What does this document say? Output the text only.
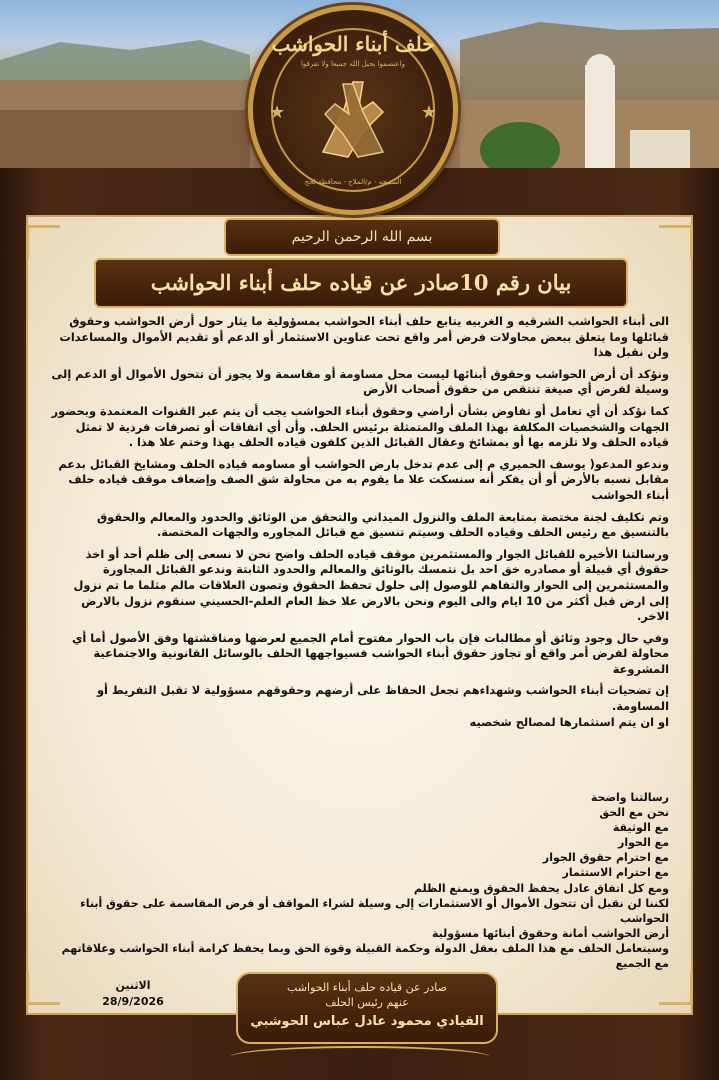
حلف أبناء الحواشب
واعتصموا بحبل الله جميعا ولا تفرقوا
★	★
الصبيحه - م/الملاح - محافظة لحج
بسم الله الرحمن الرحيم
بيان رقم 10صادر عن قياده حلف أبناء الحواشب

الى أبناء الحواشب الشرقيه و الغربيه يتابع حلف أبناء الحواشب بمسؤولية ما يثار حول أرض الحواشب وحقوق قبائلها وما يتعلق ببعض محاولات فرض أمر واقع تحت عناوين الاستثمار أو الدعم أو تقديم الأموال والمساعدات ولن نقبل هذا

ونؤكد أن أرض الحواشب وحقوق أبنائها ليست محل مساومة أو مقاسمة ولا يجوز أن تتحول الأموال أو الدعم إلى وسيلة لفرض أي صيغة تنتقص من حقوق أصحاب الأرض

كما نؤكد أن أي تعامل أو تفاوض بشأن أراضي وحقوق أبناء الحواشب يجب أن يتم عبر القنوات المعتمدة وبحضور الجهات والشخصيات المكلفة بهذا الملف والمتمثلة برئيس الحلف. وأن أي اتفاقات أو تصرفات فردية لا تمثل قياده الحلف ولا تلزمه بها أو بمشائخ وعقال القبائل الذين كلفون قياده الحلف بهذا وختم علا هذا .

وندعو المدعو( يوسف الحميري م إلى عدم تدخل بارض الحواشب أو مساومه قياده الحلف ومشايخ القبائل بدعم مقابل نسبه بالأرض أو أن يفكر أنه سنسكت علا ما يقوم به من محاولة شق الصف وإضعاف موقف قياده حلف أبناء الحواشب

وتم تكليف لجنة مختصة بمتابعة الملف والنزول الميداني والتحقق من الوثائق والحدود والمعالم والحقوق بالتنسيق مع رئيس الحلف وقياده الحلف وسيتم تنسيق مع قبائل المجاوره والجهات المختصة.

ورسالتنا الأخيره للقبائل الجوار والمستثمرين موقف قياده الحلف واضح نحن لا نسعى إلى ظلم أحد أو اخذ حقوق أي قبيلة أو مصادره خق احد بل نتمسك بالوثائق والمعالم والحدود الثابتة وندعو القبائل المجاورة والمستثمرين إلى الحوار والتفاهم للوصول إلى حلول تحفظ الحقوق وتصون العلاقات مالم مثلما ما تم نزول إلى ارض قبل أكثر من 10 ايام والى اليوم ونحن بالارض علا خظ العام العلم-الحسيني سنقوم نزول بالارض الاخر.

وفي حال وجود وثائق أو مطالبات فإن باب الحوار مفتوح أمام الجميع لعرضها ومناقشتها وفق الأصول أما أي محاولة لفرض أمر واقع أو تجاوز حقوق أبناء الحواشب فسيواجهها الحلف بالوسائل القانونية والاجتماعية المشروعة

إن تضحيات أبناء الحواشب وشهداءهم تجعل الحفاظ على أرضهم وحقوقهم مسؤولية لا تقبل التفريط أو المساومة.

او ان يتم استثمارها لمصالح شخصيه

رسالتنا واضحة
نحن مع الحق
مع الوثيقة
مع الحوار
مع احترام حقوق الجوار
مع احترام الاستثمار
ومع كل اتفاق عادل يحفظ الحقوق ويمنع الظلم
لكننا لن نقبل أن تتحول الأموال أو الاستثمارات إلى وسيلة لشراء المواقف أو فرض المقاسمة على حقوق أبناء الحواشب
أرض الحواشب أمانة وحقوق أبنائها مسؤولية
وسيتعامل الحلف مع هذا الملف بعقل الدولة وحكمة القبيلة وقوة الحق وبما يحفظ كرامة أبناء الحواشب وعلاقاتهم مع الجميع
الاثنين
28/9/2026
صادر عن قياده حلف أبناء الحواشب
عنهم رئيس الحلف
القيادي محمود عادل عباس الحوشبي
